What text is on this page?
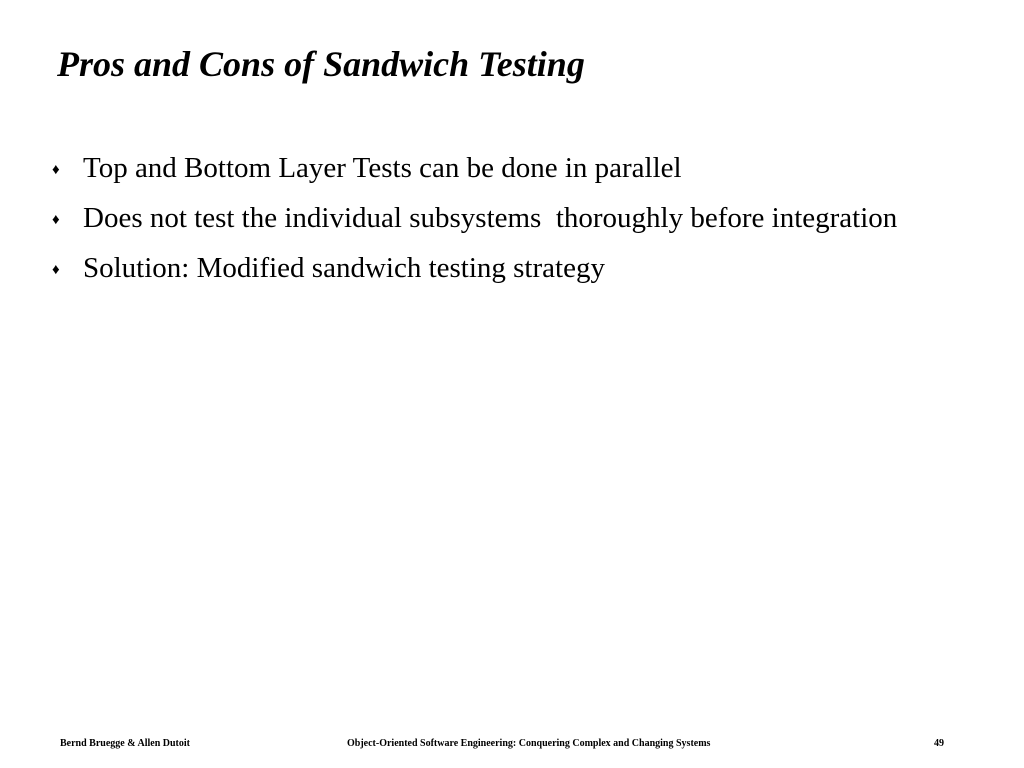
Pros and Cons of Sandwich Testing
♦ Top and Bottom Layer Tests can be done in parallel
♦ Does not test the individual subsystems  thoroughly before integration
♦ Solution: Modified sandwich testing strategy
Bernd Bruegge & Allen Dutoit	Object-Oriented Software Engineering: Conquering Complex and Changing Systems	49
